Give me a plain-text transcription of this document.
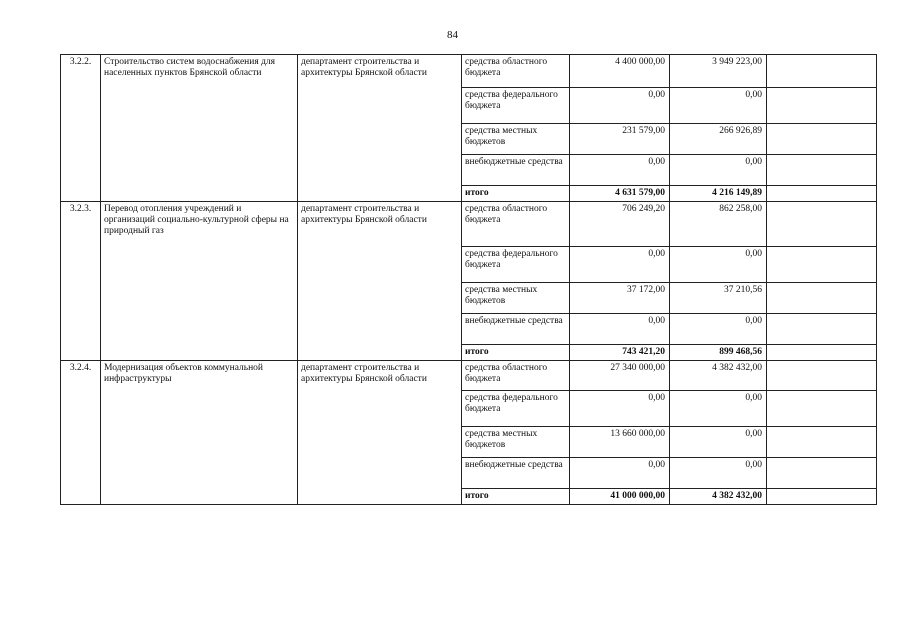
84
3.2.2.	Строительство систем водоснабжения для населенных пунктов Брянской области	департамент строительства и архитектуры Брянской области	средства областного бюджета	4 400 000,00	3 949 223,00	
			средства федерального бюджета	0,00	0,00	
			средства местных бюджетов	231 579,00	266 926,89	
			внебюджетные средства	0,00	0,00	
			итого	4 631 579,00	4 216 149,89	
3.2.3.	Перевод отопления учреждений и организаций социально-культурной сферы на природный газ	департамент строительства и архитектуры Брянской области	средства областного бюджета	706 249,20	862 258,00	
			средства федерального бюджета	0,00	0,00	
			средства местных бюджетов	37 172,00	37 210,56	
			внебюджетные средства	0,00	0,00	
			итого	743 421,20	899 468,56	
3.2.4.	Модернизация объектов коммунальной инфраструктуры	департамент строительства и архитектуры Брянской области	средства областного бюджета	27 340 000,00	4 382 432,00	
			средства федерального бюджета	0,00	0,00	
			средства местных бюджетов	13 660 000,00	0,00	
			внебюджетные средства	0,00	0,00	
			итого	41 000 000,00	4 382 432,00	
